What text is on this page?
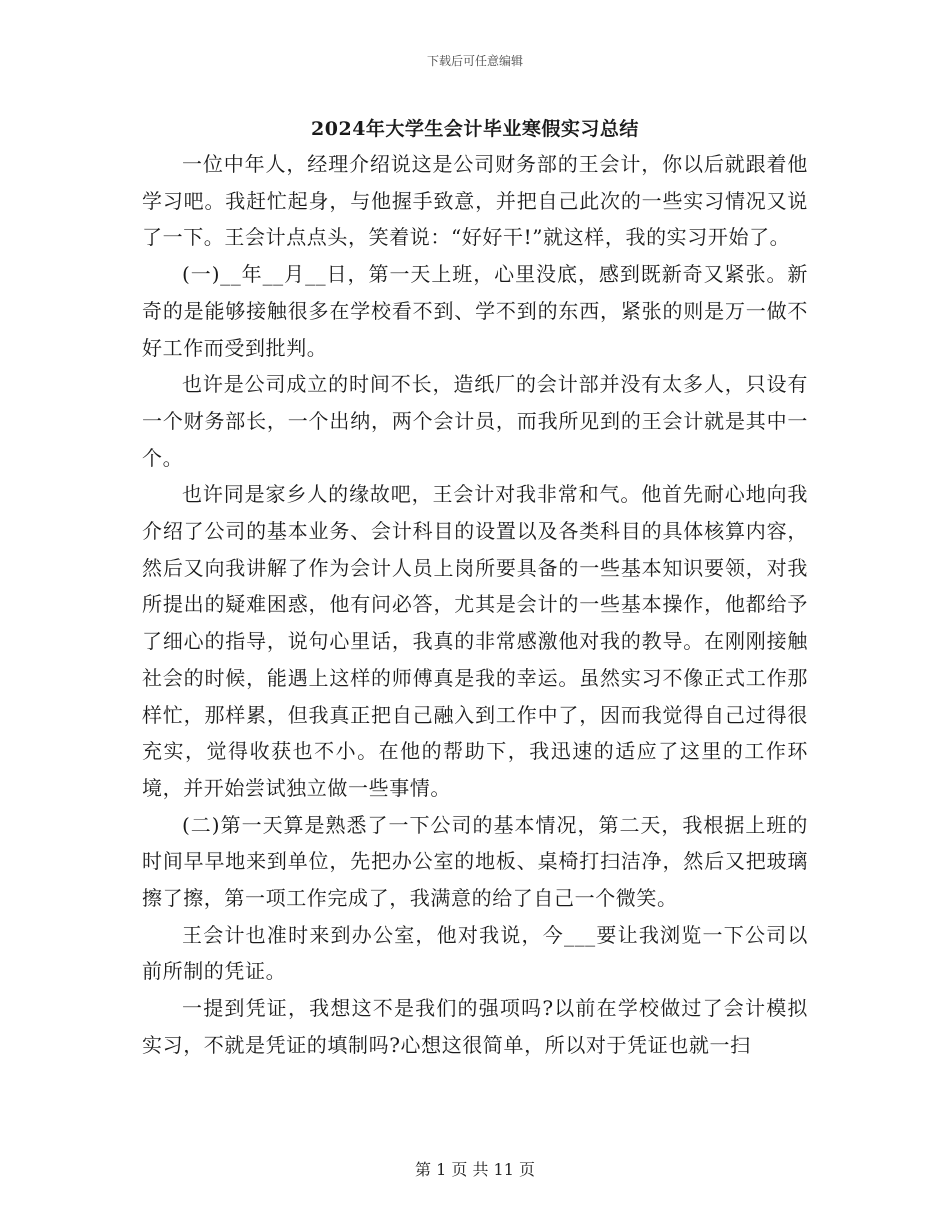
下载后可任意编辑
2024年大学生会计毕业寒假实习总结

一位中年人，经理介绍说这是公司财务部的王会计，你以后就跟着他学习吧。我赶忙起身，与他握手致意，并把自己此次的一些实习情况又说了一下。王会计点点头，笑着说：“好好干!”就这样，我的实习开始了。

(一)__年__月__日，第一天上班，心里没底，感到既新奇又紧张。新奇的是能够接触很多在学校看不到、学不到的东西，紧张的则是万一做不好工作而受到批判。

也许是公司成立的时间不长，造纸厂的会计部并没有太多人，只设有一个财务部长，一个出纳，两个会计员，而我所见到的王会计就是其中一个。

也许同是家乡人的缘故吧，王会计对我非常和气。他首先耐心地向我介绍了公司的基本业务、会计科目的设置以及各类科目的具体核算内容，然后又向我讲解了作为会计人员上岗所要具备的一些基本知识要领，对我所提出的疑难困惑，他有问必答，尤其是会计的一些基本操作，他都给予了细心的指导，说句心里话，我真的非常感激他对我的教导。在刚刚接触社会的时候，能遇上这样的师傅真是我的幸运。虽然实习不像正式工作那样忙，那样累，但我真正把自己融入到工作中了，因而我觉得自己过得很充实，觉得收获也不小。在他的帮助下，我迅速的适应了这里的工作环境，并开始尝试独立做一些事情。

(二)第一天算是熟悉了一下公司的基本情况，第二天，我根据上班的时间早早地来到单位，先把办公室的地板、桌椅打扫洁净，然后又把玻璃擦了擦，第一项工作完成了，我满意的给了自己一个微笑。

王会计也准时来到办公室，他对我说，今___要让我浏览一下公司以前所制的凭证。

一提到凭证，我想这不是我们的强项吗?以前在学校做过了会计模拟实习，不就是凭证的填制吗?心想这很简单，所以对于凭证也就一扫

第 1 页 共 11 页
